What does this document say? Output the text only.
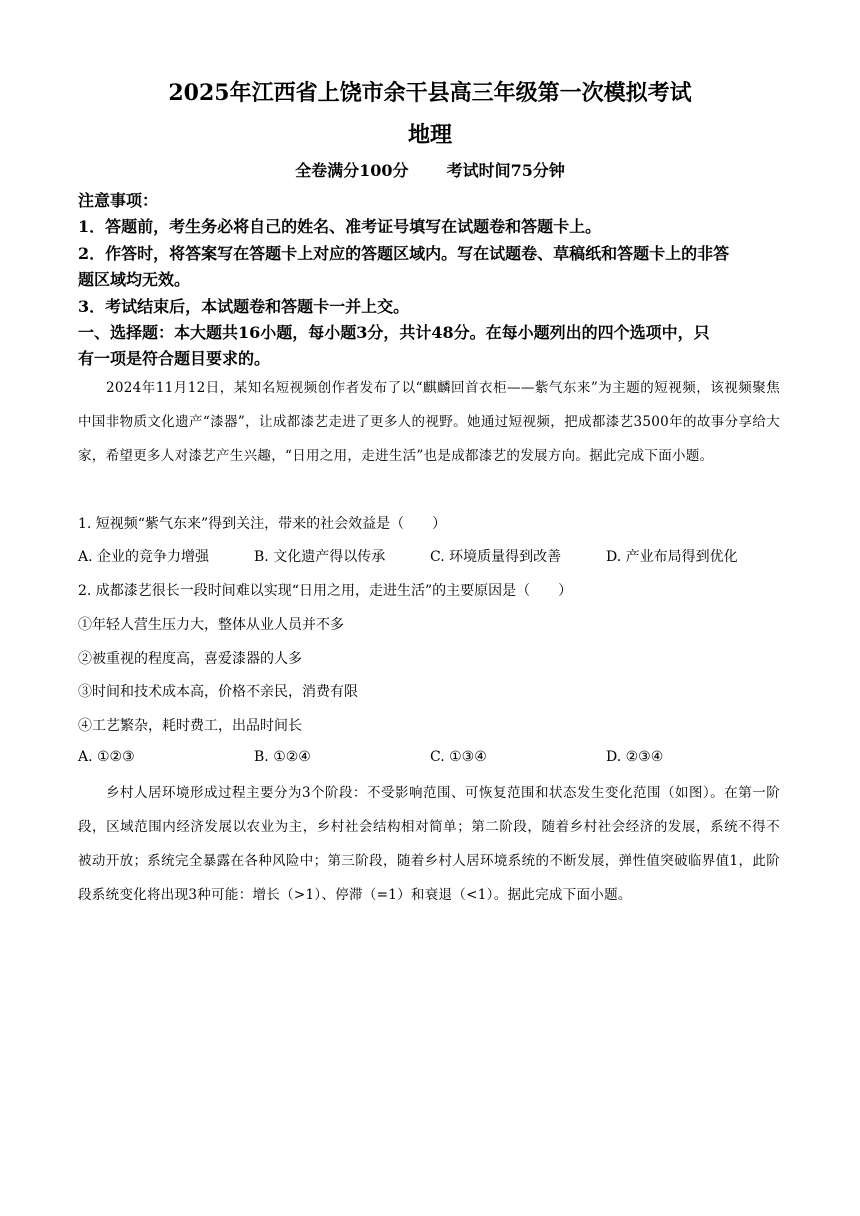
2025年江西省上饶市余干县高三年级第一次模拟考试
地理
全卷满分100分 考试时间75分钟
注意事项：
1．答题前，考生务必将自己的姓名、准考证号填写在试题卷和答题卡上。
2．作答时，将答案写在答题卡上对应的答题区域内。写在试题卷、草稿纸和答题卡上的非答
题区域均无效。
3．考试结束后，本试题卷和答题卡一并上交。
一、选择题：本大题共16小题，每小题3分，共计48分。在每小题列出的四个选项中，只
有一项是符合题目要求的。
2024年11月12日，某知名短视频创作者发布了以“麒麟回首衣柜——紫气东来”为主题的短视频，该视频聚焦中国非物质文化遗产“漆器”，让成都漆艺走进了更多人的视野。她通过短视频，把成都漆艺3500年的故事分享给大家，希望更多人对漆艺产生兴趣，“日用之用，走进生活”也是成都漆艺的发展方向。据此完成下面小题。
1. 短视频“紫气东来”得到关注，带来的社会效益是（　　）
A. 企业的竞争力增强	B. 文化遗产得以传承	C. 环境质量得到改善	D. 产业布局得到优化
2. 成都漆艺很长一段时间难以实现“日用之用，走进生活”的主要原因是（　　）
①年轻人营生压力大，整体从业人员并不多
②被重视的程度高，喜爱漆器的人多
③时间和技术成本高，价格不亲民，消费有限
④工艺繁杂，耗时费工，出品时间长
A. ①②③	B. ①②④	C. ①③④	D. ②③④
乡村人居环境形成过程主要分为3个阶段：不受影响范围、可恢复范围和状态发生变化范围（如图）。在第一阶段，区域范围内经济发展以农业为主，乡村社会结构相对简单；第二阶段，随着乡村社会经济的发展，系统不得不被动开放；系统完全暴露在各种风险中；第三阶段，随着乡村人居环境系统的不断发展，弹性值突破临界值1，此阶段系统变化将出现3种可能：增长（>1）、停滞（=1）和衰退（<1）。据此完成下面小题。
